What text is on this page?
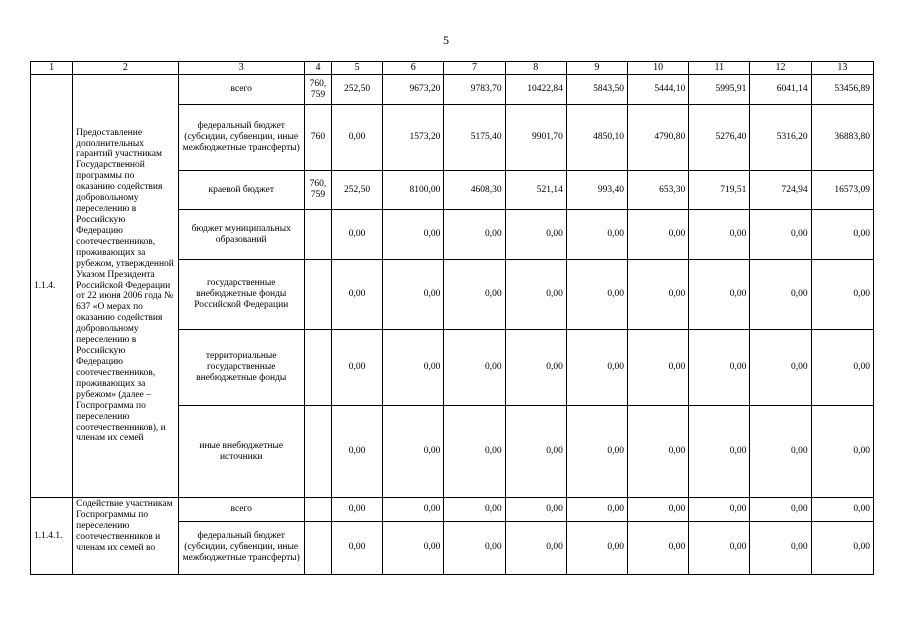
5
1	2	3	4	5	6	7	8	9	10	11	12	13
1.1.4.	Предоставление дополнительных гарантий участникам Государственной программы по оказанию содействия добровольному переселению в Российскую Федерацию соотечественников, проживающих за рубежом, утвержденной Указом Президента Российской Федерации от 22 июня 2006 года № 637 «О мерах по оказанию содействия добровольному переселению в Российскую Федерацию соотечественников, проживающих за рубежом» (далее – Госпрограмма по переселению соотечественников), и членам их семей	всего	760, 759	252,50	9673,20	9783,70	10422,84	5843,50	5444,10	5995,91	6041,14	53456,89
		федеральный бюджет (субсидии, субвенции, иные межбюджетные трансферты)	760	0,00	1573,20	5175,40	9901,70	4850,10	4790,80	5276,40	5316,20	36883,80
		краевой бюджет	760, 759	252,50	8100,00	4608,30	521,14	993,40	653,30	719,51	724,94	16573,09
		бюджет муниципальных образований		0,00	0,00	0,00	0,00	0,00	0,00	0,00	0,00	0,00
		государственные внебюджетные фонды Российской Федерации		0,00	0,00	0,00	0,00	0,00	0,00	0,00	0,00	0,00
		территориальные государственные внебюджетные фонды		0,00	0,00	0,00	0,00	0,00	0,00	0,00	0,00	0,00
		иные внебюджетные источники		0,00	0,00	0,00	0,00	0,00	0,00	0,00	0,00	0,00
1.1.4.1.	Содействие участникам Госпрограммы по переселению соотечественников и членам их семей во	всего		0,00	0,00	0,00	0,00	0,00	0,00	0,00	0,00	0,00
		федеральный бюджет (субсидии, субвенции, иные межбюджетные трансферты)		0,00	0,00	0,00	0,00	0,00	0,00	0,00	0,00	0,00
